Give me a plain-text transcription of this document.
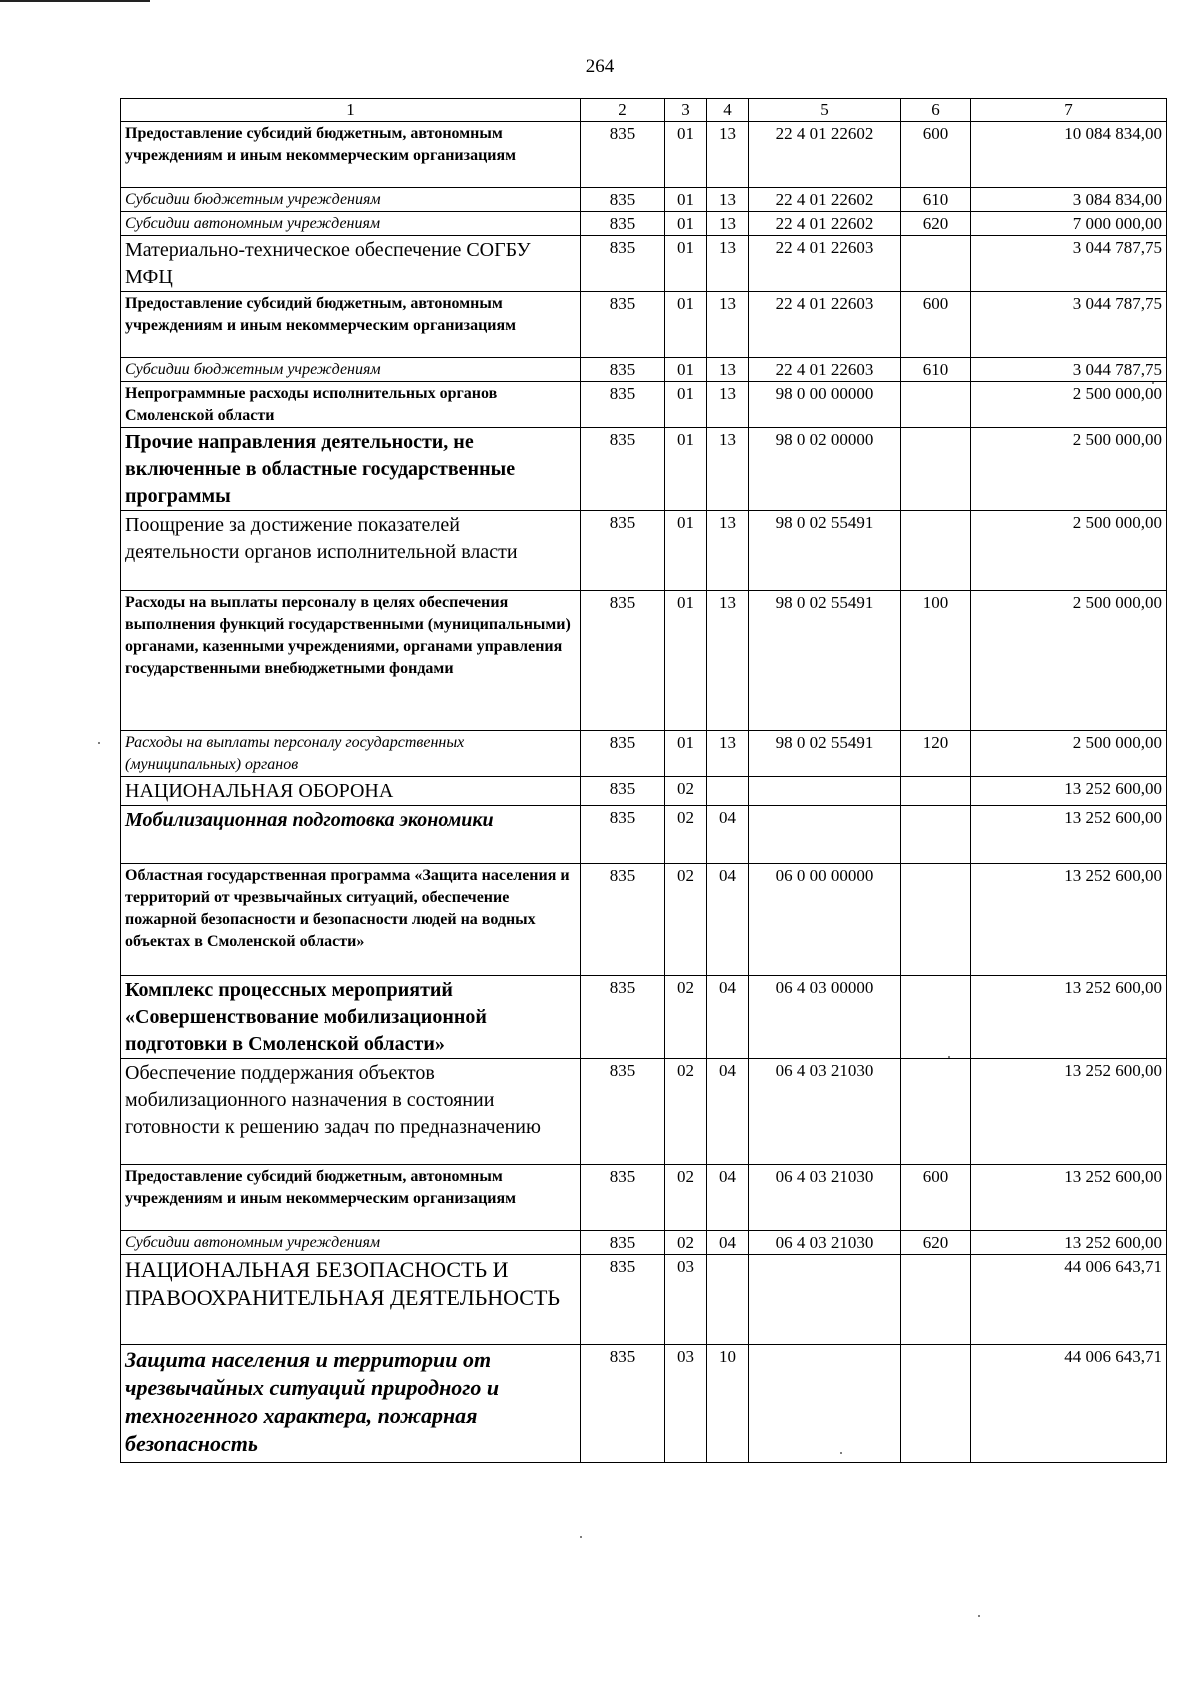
264
1	2	3	4	5	6	7
Предоставление субсидий бюджетным, автономным учреждениям и иным некоммерческим организациям	835	01	13	22 4 01 22602	600	10 084 834,00
Субсидии бюджетным учреждениям	835	01	13	22 4 01 22602	610	3 084 834,00
Субсидии автономным учреждениям	835	01	13	22 4 01 22602	620	7 000 000,00
Материально-техническое обеспечение СОГБУ МФЦ	835	01	13	22 4 01 22603		3 044 787,75
Предоставление субсидий бюджетным, автономным учреждениям и иным некоммерческим организациям	835	01	13	22 4 01 22603	600	3 044 787,75
Субсидии бюджетным учреждениям	835	01	13	22 4 01 22603	610	3 044 787,75
Непрограммные расходы исполнительных органов Смоленской области	835	01	13	98 0 00 00000		2 500 000,00
Прочие направления деятельности, не включенные в областные государственные программы	835	01	13	98 0 02 00000		2 500 000,00
Поощрение за достижение показателей деятельности органов исполнительной власти	835	01	13	98 0 02 55491		2 500 000,00
Расходы на выплаты персоналу в целях обеспечения выполнения функций государственными (муниципальными) органами, казенными учреждениями, органами управления государственными внебюджетными фондами	835	01	13	98 0 02 55491	100	2 500 000,00
Расходы на выплаты персоналу государственных (муниципальных) органов	835	01	13	98 0 02 55491	120	2 500 000,00
НАЦИОНАЛЬНАЯ ОБОРОНА	835	02				13 252 600,00
Мобилизационная подготовка экономики	835	02	04			13 252 600,00
Областная государственная программа «Защита населения и территорий от чрезвычайных ситуаций, обеспечение пожарной безопасности и безопасности людей на водных объектах в Смоленской области»	835	02	04	06 0 00 00000		13 252 600,00
Комплекс процессных мероприятий «Совершенствование мобилизационной подготовки в Смоленской области»	835	02	04	06 4 03 00000		13 252 600,00
Обеспечение поддержания объектов мобилизационного назначения в состоянии готовности к решению задач по предназначению	835	02	04	06 4 03 21030		13 252 600,00
Предоставление субсидий бюджетным, автономным учреждениям и иным некоммерческим организациям	835	02	04	06 4 03 21030	600	13 252 600,00
Субсидии автономным учреждениям	835	02	04	06 4 03 21030	620	13 252 600,00
НАЦИОНАЛЬНАЯ БЕЗОПАСНОСТЬ И ПРАВООХРАНИТЕЛЬНАЯ ДЕЯТЕЛЬНОСТЬ	835	03				44 006 643,71
Защита населения и территории от чрезвычайных ситуаций природного и техногенного характера, пожарная безопасность	835	03	10			44 006 643,71
